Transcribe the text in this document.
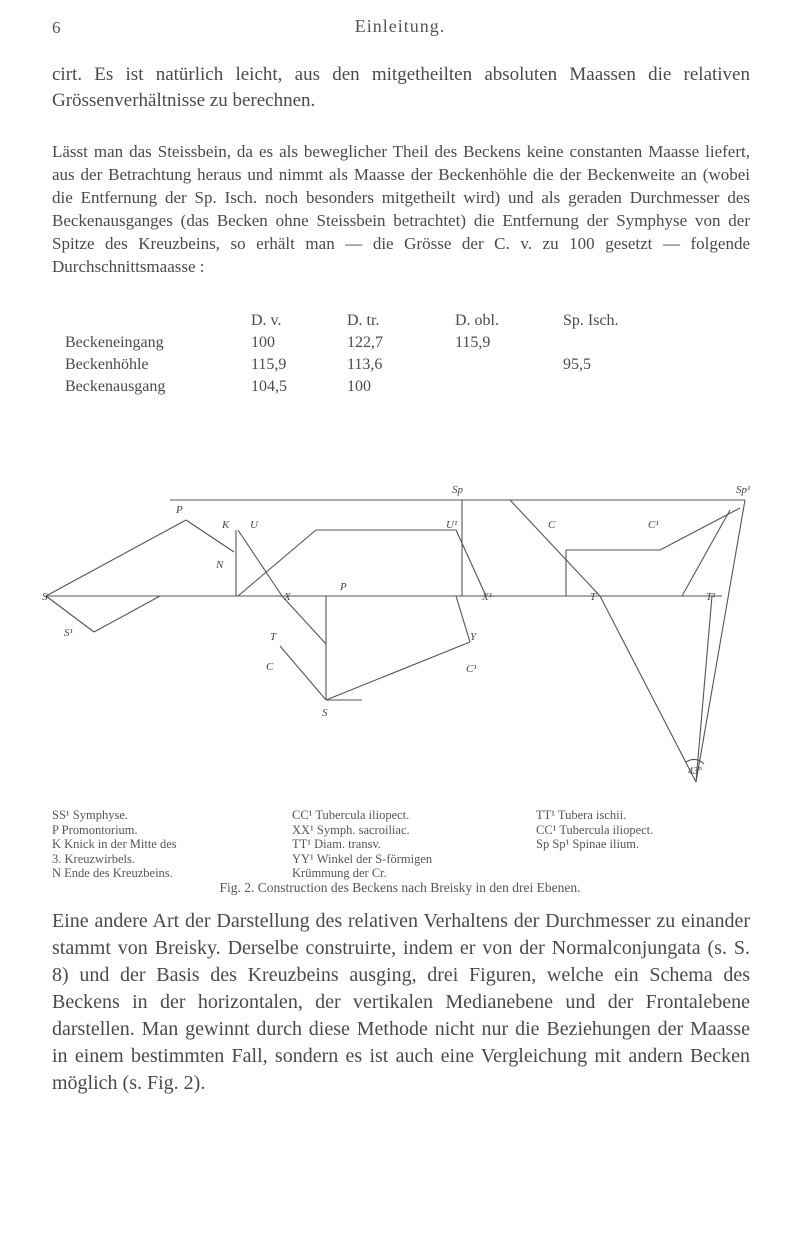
6	Einleitung.

cirt. Es ist natürlich leicht, aus den mitgetheilten absoluten Maassen die relativen Grössenverhältnisse zu berechnen.

Lässt man das Steissbein, da es als beweglicher Theil des Beckens keine constanten Maasse liefert, aus der Betrachtung heraus und nimmt als Maasse der Beckenhöhle die der Beckenweite an (wobei die Entfernung der Sp. Isch. noch besonders mitgetheilt wird) und als geraden Durchmesser des Beckenausganges (das Becken ohne Steissbein betrachtet) die Entfernung der Symphyse von der Spitze des Kreuzbeins, so erhält man — die Grösse der C. v. zu 100 gesetzt — folgende Durchschnittsmaasse :

	D. v.	D. tr.	D. obl.	Sp. Isch.
Beckeneingang	100	122,7	115,9	
Beckenhöhle	115,9	113,6		95,5
Beckenausgang	104,5	100		
Sp	Sp¹
P
K U	U¹	C	C¹
N
S	X
P
X¹	T	T¹
S¹	T
C
Y
C¹
S
43°
SS¹ Symphyse.
P Promontorium.
K Knick in der Mitte des
3. Kreuzwirbels.
N Ende des Kreuzbeins.
CC¹ Tubercula iliopect.
XX¹ Symph. sacroiliac.
TT¹ Diam. transv.
YY¹ Winkel der S-förmigen
Krümmung der Cr.
TT¹ Tubera ischii.
CC¹ Tubercula iliopect.
Sp Sp¹ Spinae ilium.
Fig. 2. Construction des Beckens nach Breisky in den drei Ebenen.

Eine andere Art der Darstellung des relativen Verhaltens der Durchmesser zu einander stammt von Breisky. Derselbe construirte, indem er von der Normalconjungata (s. S. 8) und der Basis des Kreuzbeins ausging, drei Figuren, welche ein Schema des Beckens in der horizontalen, der vertikalen Medianebene und der Frontalebene darstellen. Man gewinnt durch diese Methode nicht nur die Beziehungen der Maasse in einem bestimmten Fall, sondern es ist auch eine Vergleichung mit andern Becken möglich (s. Fig. 2).
